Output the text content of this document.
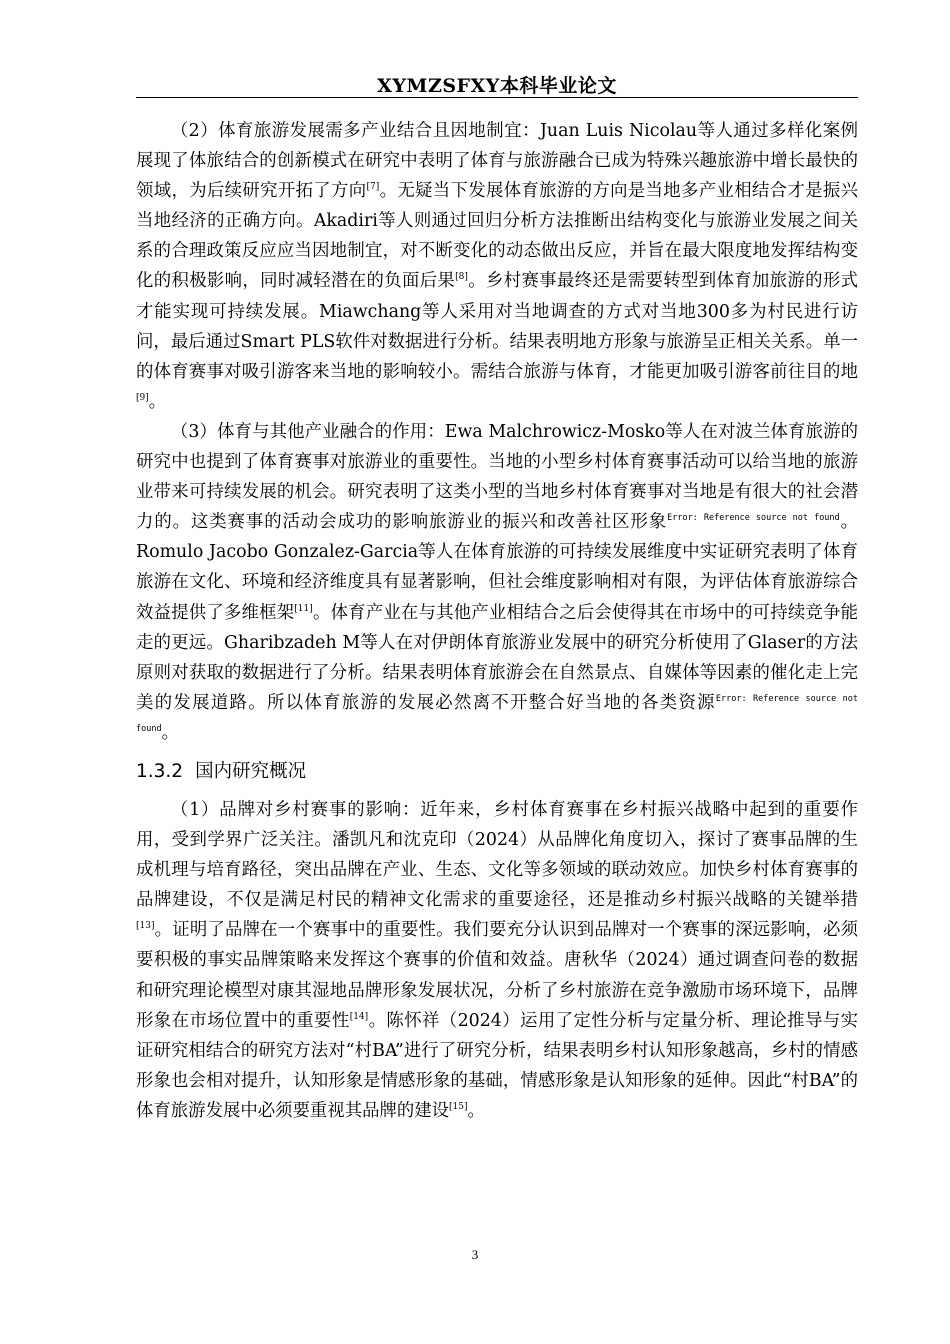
XYMZSFXY本科毕业论文

（2）体育旅游发展需多产业结合且因地制宜：Juan Luis Nicolau等人通过多样化案例展现了体旅结合的创新模式在研究中表明了体育与旅游融合已成为特殊兴趣旅游中增长最快的领域，为后续研究开拓了方向[7]。无疑当下发展体育旅游的方向是当地多产业相结合才是振兴当地经济的正确方向。Akadiri等人则通过回归分析方法推断出结构变化与旅游业发展之间关系的合理政策反应应当因地制宜，对不断变化的动态做出反应，并旨在最大限度地发挥结构变化的积极影响，同时减轻潜在的负面后果[8]。乡村赛事最终还是需要转型到体育加旅游的形式才能实现可持续发展。Miawchang等人采用对当地调查的方式对当地300多为村民进行访问，最后通过Smart PLS软件对数据进行分析。结果表明地方形象与旅游呈正相关关系。单一的体育赛事对吸引游客来当地的影响较小。需结合旅游与体育，才能更加吸引游客前往目的地[9]。

（3）体育与其他产业融合的作用：Ewa Malchrowicz-Mosko等人在对波兰体育旅游的研究中也提到了体育赛事对旅游业的重要性。当地的小型乡村体育赛事活动可以给当地的旅游业带来可持续发展的机会。研究表明了这类小型的当地乡村体育赛事对当地是有很大的社会潜力的。这类赛事的活动会成功的影响旅游业的振兴和改善社区形象$^{Error: Reference source not found}$。Romulo Jacobo Gonzalez-Garcia等人在体育旅游的可持续发展维度中实证研究表明了体育旅游在文化、环境和经济维度具有显著影响，但社会维度影响相对有限，为评估体育旅游综合效益提供了多维框架[11]。体育产业在与其他产业相结合之后会使得其在市场中的可持续竞争能走的更远。Gharibzadeh M等人在对伊朗体育旅游业发展中的研究分析使用了Glaser的方法原则对获取的数据进行了分析。结果表明体育旅游会在自然景点、自媒体等因素的催化走上完美的发展道路。所以体育旅游的发展必然离不开整合好当地的各类资源$^{Error: Reference source not found}$。

1.3.2 国内研究概况

（1）品牌对乡村赛事的影响：近年来，乡村体育赛事在乡村振兴战略中起到的重要作用，受到学界广泛关注。潘凯凡和沈克印（2024）从品牌化角度切入，探讨了赛事品牌的生成机理与培育路径，突出品牌在产业、生态、文化等多领域的联动效应。加快乡村体育赛事的品牌建设，不仅是满足村民的精神文化需求的重要途径，还是推动乡村振兴战略的关键举措[13]。证明了品牌在一个赛事中的重要性。我们要充分认识到品牌对一个赛事的深远影响，必须要积极的事实品牌策略来发挥这个赛事的价值和效益。唐秋华（2024）通过调查问卷的数据和研究理论模型对康其湿地品牌形象发展状况，分析了乡村旅游在竞争激励市场环境下，品牌形象在市场位置中的重要性[14]。陈怀祥（2024）运用了定性分析与定量分析、理论推导与实证研究相结合的研究方法对“村BA”进行了研究分析，结果表明乡村认知形象越高，乡村的情感形象也会相对提升，认知形象是情感形象的基础，情感形象是认知形象的延伸。因此“村BA”的体育旅游发展中必须要重视其品牌的建设[15]。

3
